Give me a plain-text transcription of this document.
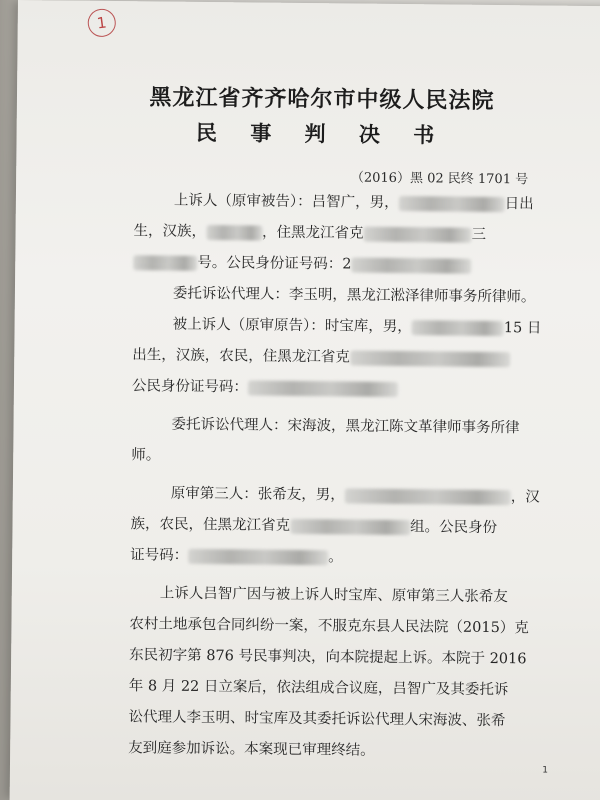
1
黑龙江省齐齐哈尔市中级人民法院
民 事 判 决 书
（2016）黑 02 民终 1701 号
上诉人（原审被告）：吕智广，男，	日出
生，汉族，	，住黑龙江省克	三
号。公民身份证号码：2
委托诉讼代理人：李玉明，黑龙江淞泽律师事务所律师。
被上诉人（原审原告）：时宝库，男，	15 日
出生，汉族，农民，住黑龙江省克
公民身份证号码：
委托诉讼代理人：宋海波，黑龙江陈文革律师事务所律
师。
原审第三人：张希友，男，	，汉
族，农民，住黑龙江省克	组。公民身份
证号码：	。
上诉人吕智广因与被上诉人时宝库、原审第三人张希友
农村土地承包合同纠纷一案，不服克东县人民法院（2015）克
东民初字第 876 号民事判决，向本院提起上诉。本院于 2016
年 8 月 22 日立案后，依法组成合议庭，吕智广及其委托诉
讼代理人李玉明、时宝库及其委托诉讼代理人宋海波、张希
友到庭参加诉讼。本案现已审理终结。
1
